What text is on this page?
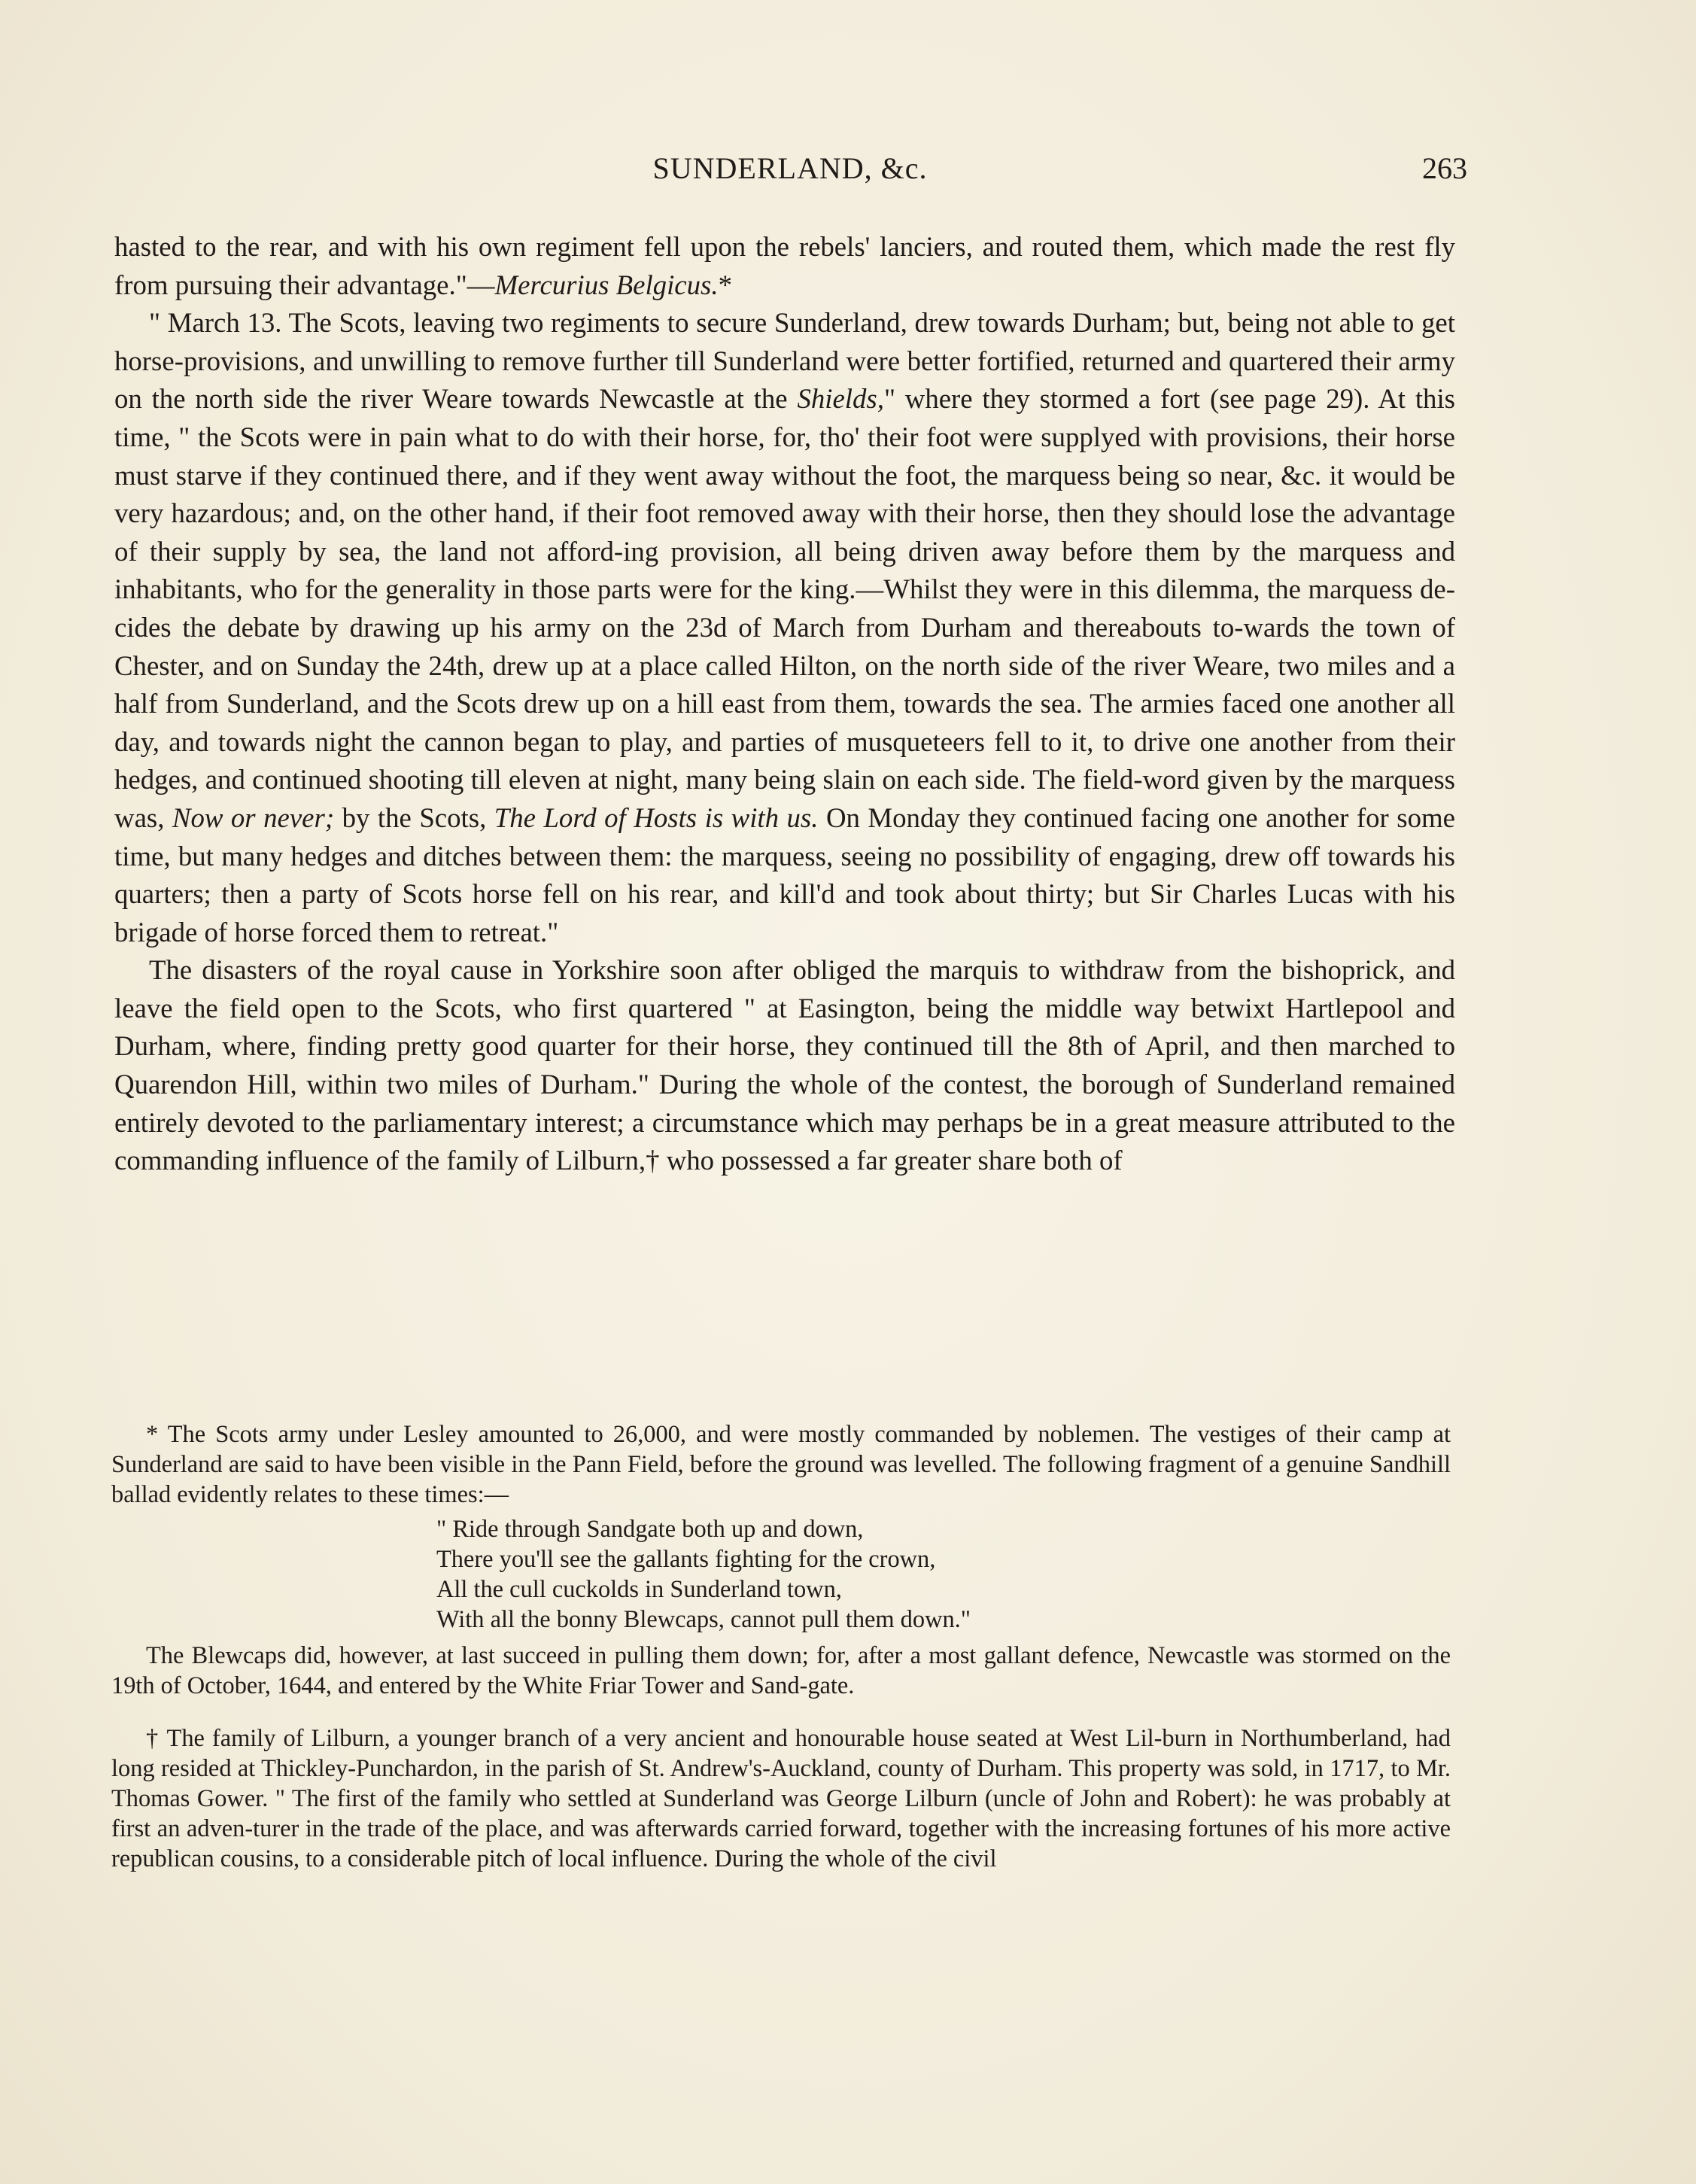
SUNDERLAND, &c.	263

hasted to the rear, and with his own regiment fell upon the rebels' lanciers, and routed them, which made the rest fly from pursuing their advantage."—Mercurius Belgicus.*

" March 13. The Scots, leaving two regiments to secure Sunderland, drew towards Durham; but, being not able to get horse-provisions, and unwilling to remove further till Sunderland were better fortified, returned and quartered their army on the north side the river Weare towards Newcastle at the Shields," where they stormed a fort (see page 29). At this time, " the Scots were in pain what to do with their horse, for, tho' their foot were supplyed with provisions, their horse must starve if they continued there, and if they went away without the foot, the marquess being so near, &c. it would be very hazardous; and, on the other hand, if their foot removed away with their horse, then they should lose the advantage of their supply by sea, the land not afford-ing provision, all being driven away before them by the marquess and inhabitants, who for the generality in those parts were for the king.—Whilst they were in this dilemma, the marquess de-cides the debate by drawing up his army on the 23d of March from Durham and thereabouts to-wards the town of Chester, and on Sunday the 24th, drew up at a place called Hilton, on the north side of the river Weare, two miles and a half from Sunderland, and the Scots drew up on a hill east from them, towards the sea. The armies faced one another all day, and towards night the cannon began to play, and parties of musqueteers fell to it, to drive one another from their hedges, and continued shooting till eleven at night, many being slain on each side. The field-word given by the marquess was, Now or never; by the Scots, The Lord of Hosts is with us. On Monday they continued facing one another for some time, but many hedges and ditches between them: the marquess, seeing no possibility of engaging, drew off towards his quarters; then a party of Scots horse fell on his rear, and kill'd and took about thirty; but Sir Charles Lucas with his brigade of horse forced them to retreat."

The disasters of the royal cause in Yorkshire soon after obliged the marquis to withdraw from the bishoprick, and leave the field open to the Scots, who first quartered " at Easington, being the middle way betwixt Hartlepool and Durham, where, finding pretty good quarter for their horse, they continued till the 8th of April, and then marched to Quarendon Hill, within two miles of Durham." During the whole of the contest, the borough of Sunderland remained entirely devoted to the parliamentary interest; a circumstance which may perhaps be in a great measure attributed to the commanding influence of the family of Lilburn,† who possessed a far greater share both of

* The Scots army under Lesley amounted to 26,000, and were mostly commanded by noblemen. The vestiges of their camp at Sunderland are said to have been visible in the Pann Field, before the ground was levelled. The following fragment of a genuine Sandhill ballad evidently relates to these times:—

" Ride through Sandgate both up and down,
There you'll see the gallants fighting for the crown,
All the cull cuckolds in Sunderland town,
With all the bonny Blewcaps, cannot pull them down."

The Blewcaps did, however, at last succeed in pulling them down; for, after a most gallant defence, Newcastle was stormed on the 19th of October, 1644, and entered by the White Friar Tower and Sand-gate.

† The family of Lilburn, a younger branch of a very ancient and honourable house seated at West Lil-burn in Northumberland, had long resided at Thickley-Punchardon, in the parish of St. Andrew's-Auckland, county of Durham. This property was sold, in 1717, to Mr. Thomas Gower. " The first of the family who settled at Sunderland was George Lilburn (uncle of John and Robert): he was probably at first an adven-turer in the trade of the place, and was afterwards carried forward, together with the increasing fortunes of his more active republican cousins, to a considerable pitch of local influence. During the whole of the civil
